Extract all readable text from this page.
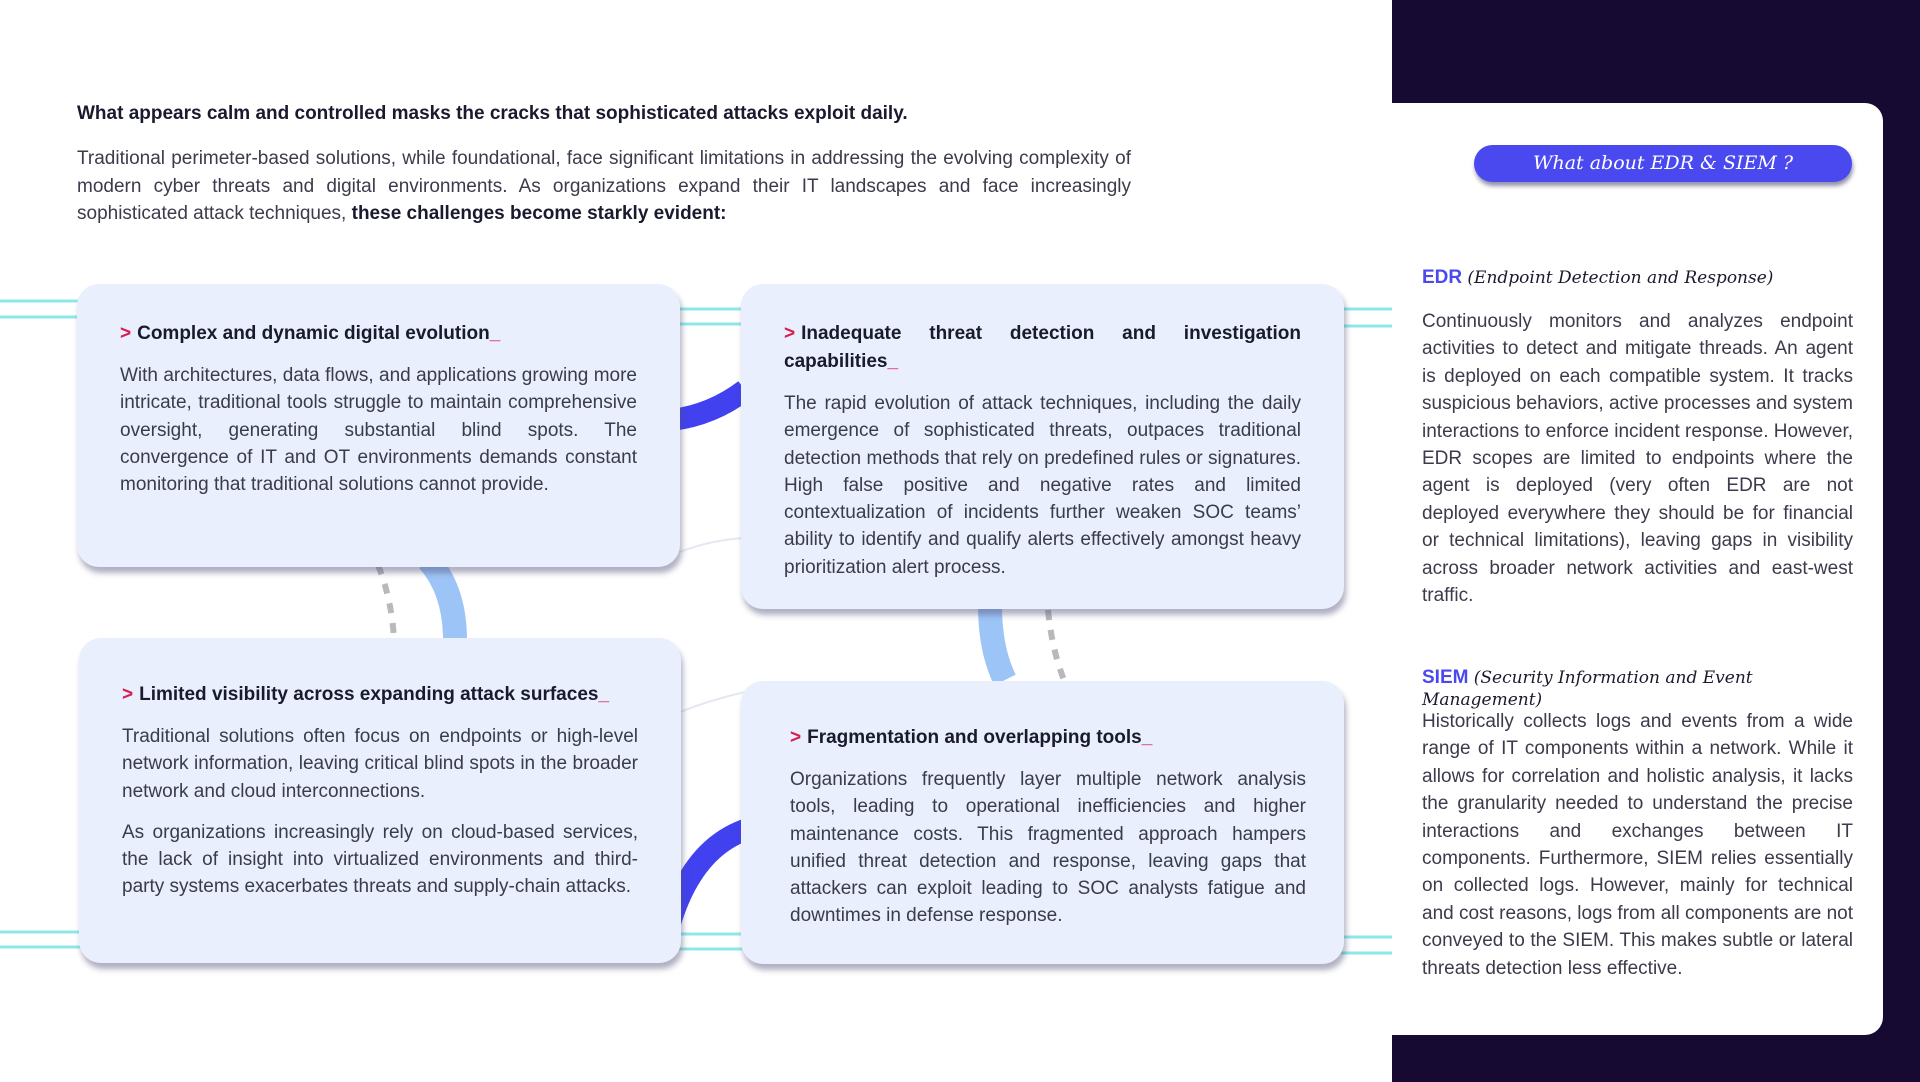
What appears calm and controlled masks the cracks that sophisticated attacks exploit daily.

Traditional perimeter-based solutions, while foundational, face significant limitations in addressing the evolving complexity of modern cyber threats and digital environments. As organizations expand their IT landscapes and face increasingly sophisticated attack techniques, these challenges become starkly evident:

> Complex and dynamic digital evolution_

With architectures, data flows, and applications growing more intricate, traditional tools struggle to maintain comprehensive oversight, generating substantial blind spots. The convergence of IT and OT environments demands constant monitoring that traditional solutions cannot provide.

> Inadequate threat detection and investigation capabilities_

The rapid evolution of attack techniques, including the daily emergence of sophisticated threats, outpaces traditional detection methods that rely on predefined rules or signatures. High false positive and negative rates and limited contextualization of incidents further weaken SOC teams’ ability to identify and qualify alerts effectively amongst heavy prioritization alert process.

> Limited visibility across expanding attack surfaces_

Traditional solutions often focus on endpoints or high-level network information, leaving critical blind spots in the broader network and cloud interconnections.

As organizations increasingly rely on cloud-based services, the lack of insight into virtualized environments and third-party systems exacerbates threats and supply-chain attacks.

> Fragmentation and overlapping tools_

Organizations frequently layer multiple network analysis tools, leading to operational inefficiencies and higher maintenance costs. This fragmented approach hampers unified threat detection and response, leaving gaps that attackers can exploit leading to SOC analysts fatigue and downtimes in defense response.

What about EDR & SIEM ?
EDR (Endpoint Detection and Response)

Continuously monitors and analyzes endpoint activities to detect and mitigate threads. An agent is deployed on each compatible system. It tracks suspicious behaviors, active processes and system interactions to enforce incident response. However, EDR scopes are limited to endpoints where the agent is deployed (very often EDR are not deployed everywhere they should be for financial or technical limitations), leaving gaps in visibility across broader network activities and east-west traffic.

SIEM (Security Information and Event Management)

Historically collects logs and events from a wide range of IT components within a network. While it allows for correlation and holistic analysis, it lacks the granularity needed to understand the precise interactions and exchanges between IT components. Furthermore, SIEM relies essentially on collected logs. However, mainly for technical and cost reasons, logs from all components are not conveyed to the SIEM. This makes subtle or lateral threats detection less effective.
